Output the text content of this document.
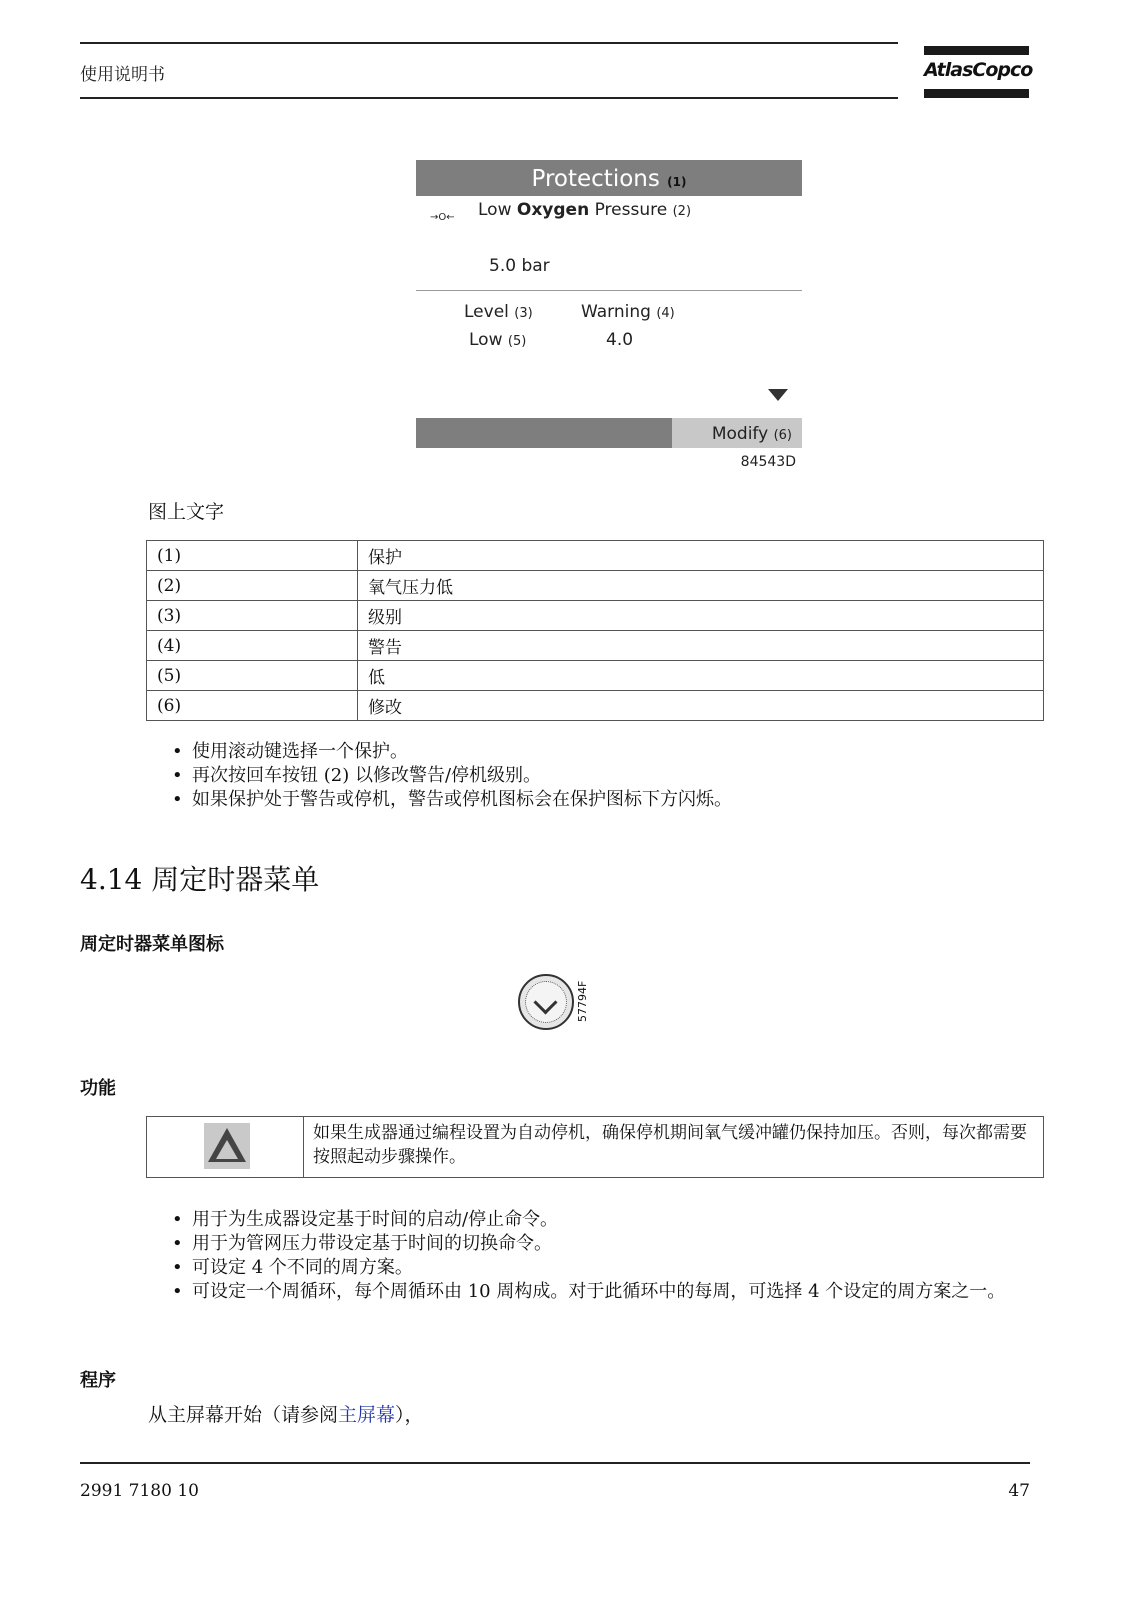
使用说明书	AtlasCopco
Protections (1)
→O← Low Oxygen Pressure (2)
5.0 bar
Level (3)	Warning (4)
Low (5)	4.0
Modify (6)
84543D
图上文字
(1)	保护
(2)	氧气压力低
(3)	级别
(4)	警告
(5)	低
(6)	修改
• 使用滚动键选择一个保护。
• 再次按回车按钮 (2) 以修改警告/停机级别。
• 如果保护处于警告或停机，警告或停机图标会在保护图标下方闪烁。
4.14 周定时器菜单
周定时器菜单图标
57794F
功能
如果生成器通过编程设置为自动停机，确保停机期间氧气缓冲罐仍保持加压。否则，每次都需要按照起动步骤操作。
• 用于为生成器设定基于时间的启动/停止命令。
• 用于为管网压力带设定基于时间的切换命令。
• 可设定 4 个不同的周方案。
• 可设定一个周循环，每个周循环由 10 周构成。对于此循环中的每周，可选择 4 个设定的周方案之一。
程序
从主屏幕开始（请参阅主屏幕），
2991 7180 10	47
